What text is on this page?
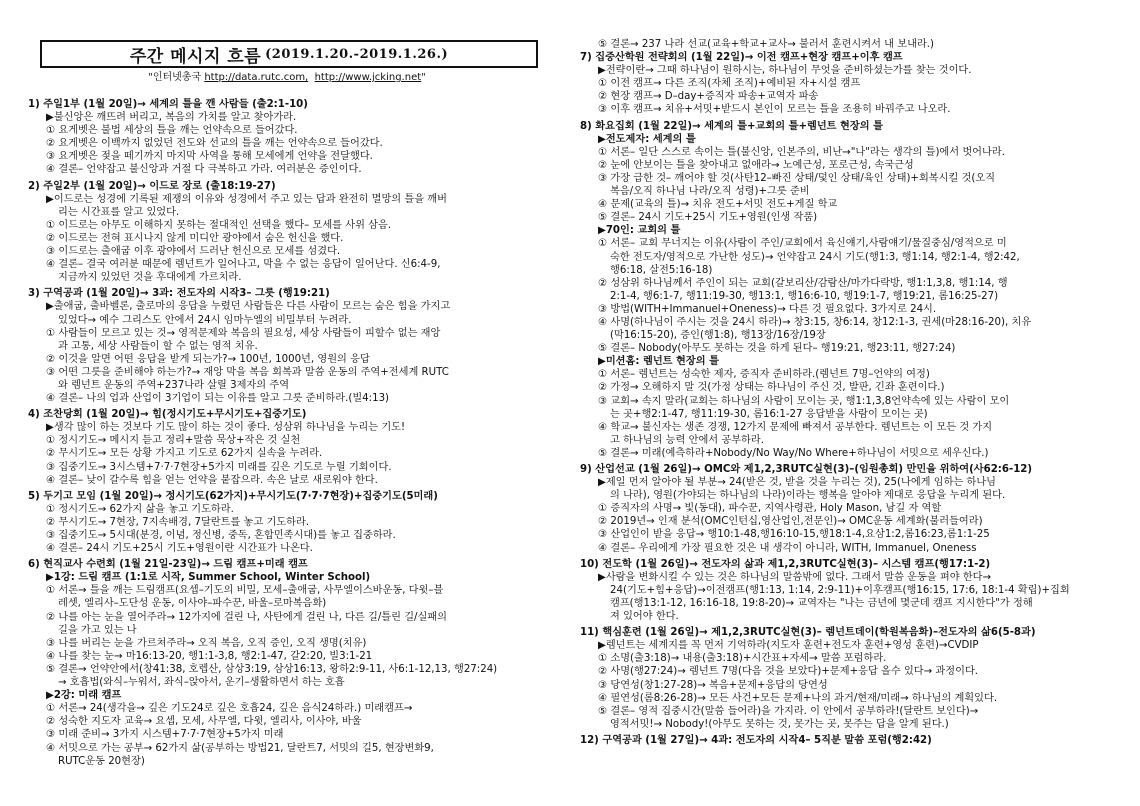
주간 메시지 흐름 (2019.1.20.-2019.1.26.)
"인터넷총국 http://data.rutc.com, http://www.jcking.net"

1) 주일1부 (1월 20일)→ 세계의 틀을 깬 사람들 (출2:1-10)

▶불신앙은 깨뜨려 버리고, 복음의 가치를 알고 찾아가라.

① 요게벳은 불법 세상의 틀을 깨는 언약속으로 들어갔다.

② 요게벳은 이백까지 없었던 전도와 선교의 틀을 깨는 언약속으로 들어갔다.

③ 요게벳은 젖을 떼기까지 마지막 사역을 통해 모세에게 언약을 전달했다.

④ 결론– 언약잡고 불신앙과 거절 다 극복하고 가라. 여러분은 증인이다.

2) 주일2부 (1월 20일)→ 이드로 장로 (출18:19-27)

▶이드로는 성경에 기록된 제쟁의 이유와 성경에서 주고 있는 답과 완전히 멸망의 틀을 깨버

리는 시간표를 알고 있었다.

① 이드로는 아무도 이해하지 못하는 절대적인 선택을 했다– 모세를 사위 삼음.

② 이드로는 전혀 표시나지 않게 미디안 광야에서 숨은 헌신을 했다.

③ 이드로는 출애굽 이후 광야에서 드러난 헌신으로 모세를 섬겼다.

④ 결론– 결국 여러분 때문에 렘넌트가 일어나고, 막을 수 없는 응답이 일어난다. 신6:4-9,

지금까지 있었던 것을 후대에게 가르치라.

3) 구역공과 (1월 20일)→ 3과: 전도자의 시작3– 그릇 (행19:21)

▶출애굽, 출바벨론, 출로마의 응답을 누렸던 사람들은 다른 사람이 모르는 숨은 힘을 가지고

있었다→ 예수 그리스도 안에서 24시 임마누엘의 비밀부터 누려라.

① 사람들이 모르고 있는 것→ 영적문제와 복음의 필요성, 세상 사람들이 피할수 없는 재앙

과 고통, 세상 사람들이 할 수 없는 영적 치유.

② 이것을 알면 어떤 응답을 받게 되는가?→ 100년, 1000년, 영원의 응답

③ 어떤 그릇을 준비해야 하는가?→ 재앙 막을 복음 회복과 말씀 운동의 주역+전세계 RUTC

와 렘넌트 운동의 주역+237나라 살릴 3제자의 주역

④ 결론– 나의 업과 산업이 3기업이 되는 이유를 알고 그릇 준비하라.(빌4:13)

4) 조찬당회 (1월 20일)→ 힘(정시기도+무시기도+집중기도)

▶생각 많이 하는 것보다 기도 많이 하는 것이 좋다. 성삼위 하나님을 누리는 기도!

① 정시기도→ 메시지 듣고 정리+말씀 묵상+작은 것 실천

② 무시기도→ 모든 상황 가지고 기도로 62가지 실속을 누려라.

③ 집중기도→ 3시스템+7·7·7현장+5가지 미래를 깊은 기도로 누릴 기회이다.

④ 결론– 낮이 갈수록 힘을 얻는 언약을 붙잡으라. 속은 날로 새로워야 한다.

5) 두기고 모임 (1월 20일)→ 정시기도(62가지)+무시기도(7·7·7현장)+집중기도(5미래)

① 정시기도→ 62가지 삶을 놓고 기도하라.

② 무시기도→ 7현장, 7지속배경, 7달란트를 놓고 기도하라.

③ 집중기도→ 5시대(분경, 이념, 정신병, 중독, 혼합민족시대)를 놓고 집중하라.

④ 결론– 24시 기도+25시 기도+영원이란 시간표가 나온다.

6) 현직교사 수련회 (1월 21일-23일)→ 드림 캠프+미래 캠프

▶1강: 드림 캠프 (1:1로 시작, Summer School, Winter School)

① 서론→ 틀을 깨는 드림캠프(요셉–기도의 비밀, 모세–출애굽, 사무엘이스바운동, 다윗–블

레셋, 엘리사–도단성 운동, 이사야–파수꾼, 바울–로마복음화)

② 나를 아는 눈을 열어주라→ 12가지에 걸린 나, 사탄에게 걸린 나, 다른 길/틀린 길/실패의

길을 가고 있는 나

③ 나를 버리는 눈을 가르쳐주라→ 오직 복음, 오직 증인, 오직 생명(치유)

④ 나를 찾는 눈→ 마16:13-20, 행1:1-3,8, 행2:1-47, 갈2:20, 빌3:1-21

⑤ 결론→ 언약안에서(창41:38, 호렙산, 삼상3:19, 삼상16:13, 왕하2:9-11, 사6:1-12,13, 행27:24)

→ 호흡법(와식–누워서, 좌식–앉아서, 운기–생활하면서 하는 호흡

▶2강: 미래 캠프

① 서론→ 24(생각을→ 깊은 기도24로 깊은 호흡24, 깊은 음식24하라.) 미래캠프→

② 성숙한 지도자 교육→ 요셉, 모세, 사무엘, 다윗, 엘리사, 이사야, 바울

③ 미래 준비→ 3가지 시스템+7·7·7현장+5가지 미래

④ 서밋으로 가는 공부→ 62가지 삶(공부하는 방법21, 달란트7, 서밋의 길5, 현장변화9,

RUTC운동 20현장)

⑤ 결론→ 237 나라 선교(교육+학교+교사→ 불러서 훈련시켜서 내 보내라.)

7) 집중산학원 전략회의 (1월 22일)→ 이전 캠프+현장 캠프+이후 캠프

▶전략이란→ 그때 하나님이 원하시는, 하나님이 무엇을 준비하셨는가를 찾는 것이다.

① 이전 캠프→ 다른 조직(자체 조직)+예비된 자+시설 캠프

② 현장 캠프→ D–day+증직자 파송+교역자 파송

③ 이후 캠프→ 치유+서밋+받드시 본인이 모르는 틀을 조용히 바꿔주고 나오라.

8) 화요집회 (1월 22일)→ 세계의 틀+교회의 틀+렘넌트 현장의 틀

▶전도제자: 세계의 틀

① 서론– 일단 스스로 속이는 틀(불신앙, 인본주의, 비난→"나"라는 생각의 틀)에서 벗어나라.

② 눈에 안보이는 틀을 찾아내고 없애라→ 노예근성, 포로근성, 속국근성

③ 가장 급한 것– 깨어야 할 것(사탄12–빠진 상태/덫인 상태/육인 상태)+회복시킬 것(오직

복음/오직 하나님 나라/오직 성령)+그릇 준비

④ 문제(교육의 틀)→ 치유 전도+서밋 전도+게질 학교

⑤ 결론– 24시 기도+25시 기도+영원(인생 작품)

▶70인: 교회의 틀

① 서론– 교회 무너지는 이유(사람이 주인/교회에서 육신얘기,사람얘기/물질중심/영적으로 미

숙한 전도자/영적으로 가난한 성도)→ 언약잡고 24시 기도(행1:3, 행1:14, 행2:1-4, 행2:42,

행6:18, 살전5:16-18)

② 성삼위 하나님께서 주인이 되는 교회(갈보리산/감람산/마가다락방, 행1:1,3,8, 행1:14, 행

2:1-4, 행6:1-7, 행11:19-30, 행13:1, 행16:6-10, 행19:1-7, 행19:21, 롬16:25-27)

③ 방법(WITH+Immanuel+Oneness)→ 다른 것 필요없다. 3가지로 24시.

④ 사명(하나님이 주시는 것을 24시 하라)→ 창3:15, 창6:14, 창12:1-3, 권세(마28:16-20), 치유

(막16:15-20), 증인(행1:8), 행13장/16장/19장

⑤ 결론– Nobody(아무도 못하는 것을 하게 된다– 행19:21, 행23:11, 행27:24)

▶미션홈: 렘넌트 현장의 틀

① 서론– 렘넌트는 성숙한 제자, 증직자 준비하라.(렘넌트 7명–언약의 여정)

② 가정→ 오해하지 말 것(가정 상태는 하나님이 주신 것, 발판, 긴좌 훈련이다.)

③ 교회→ 속지 말라(교회는 하나님의 사람이 모이는 곳, 행1:1,3,8언약속에 있는 사람이 모이

는 곳+행2:1-47, 행11:19-30, 롬16:1-27 응답받을 사람이 모이는 곳)

④ 학교→ 불신자는 생존 경쟁, 12가지 문제에 빠져서 공부한다. 렘넌트는 이 모든 것 가지

고 하나님의 능력 안에서 공부하라.

⑤ 결론→ 미래(예측하라+Nobody/No Way/No Where+하나님이 서밋으로 세우신다.)

9) 산업선교 (1월 26일)→ OMC와 제1,2,3RUTC실현(3)–(임원총회) 만민을 위하여(사62:6-12)

▶제일 먼저 알아야 될 부분→ 24(받은 것, 받을 것을 누리는 것), 25(나에게 임하는 하나님

의 나라), 영원(가야되는 하나님의 나라)이라는 행복을 알아야 제대로 응답을 누리게 된다.

① 증직자의 사명→ 빛(동대), 파수꾼, 지역사령관, Holy Mason, 남길 자 역할

② 2019년→ 인재 분석(OMC인턴십,영산업인,전문인)→ OMC운동 세계화(불러들여라)

③ 산업인이 받을 응답→ 행10:1-48,행16:10-15,행18:1-4,요삼1:2,롬16:23,롬1:1-25

④ 결론– 우리에게 가장 필요한 것은 내 생각이 아니라, WITH, Immanuel, Oneness

10) 전도학 (1월 26일)→ 전도자의 삶과 제1,2,3RUTC실현(3)– 시스템 캠프(행17:1-2)

▶사람을 변화시킬 수 있는 것은 하나님의 말씀밖에 없다. 그래서 말씀 운동을 펴야 한다→

24(기도+힘+응답)→이전캠프(행1:13, 1:14, 2:9-11)+이후캠프(행16:15, 17:6, 18:1-4 확립)+집회

캠프(행13:1-12, 16:16-18, 19:8-20)→ 교역자는 "나는 금년에 몇군데 캠프 지시한다"가 정해

져 있어야 한다.

11) 핵심훈련 (1월 26일)→ 제1,2,3RUTC실현(3)– 렘넌트데이(학원복음화)–전도자의 삶6(5-8과)

▶렘넌트는 세계지를 꼭 먼저 기억하라(지도자 훈련+전도자 훈련+영성 훈련)→CVDIP

① 소명(출3:18)→ 내용(출3:18)+시간표+자세→ 말씀 포럼하라.

② 사명(행27:24)→ 렘넌트 7명(다음 것을 보았다)+문제+응답 올수 있다→ 과정이다.

③ 당연성(창1:27-28)→ 복음+문제+응답의 당연성

④ 필연성(롬8:26-28)→ 모든 사건+모든 문제+나의 과거/현재/미래→ 하나님의 계획있다.

⑤ 결론– 영적 집중시간(말씀 들어라)을 가지라. 이 안에서 공부하라!(달란트 보인다)→

영적서밋!→ Nobody!(아무도 못하는 것, 못가는 곳, 못주는 답을 알게 된다.)

12) 구역공과 (1월 27일)→ 4과: 전도자의 시작4– 5직분 말씀 포럼(행2:42)
